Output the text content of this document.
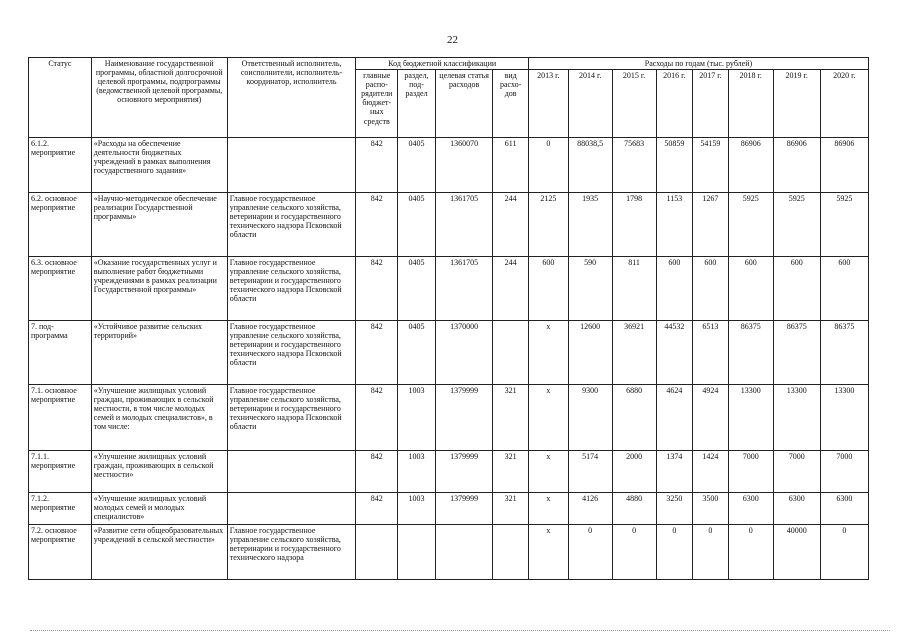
22
Статус	Наименование государственной программы, областной долгосрочной целевой программы, подпрограммы (ведомственной целевой программы, основного мероприятия)	Ответственный исполнитель, соисполнители, исполнитель-координатор, исполнитель	Код бюджетной классификации				Расходы по годам (тыс. рублей)							
			главные распо-рядители бюджет-ных средств	раздел, под-раздел	целевая статья расходов	вид расхо-дов	2013 г.	2014 г.	2015 г.	2016 г.	2017 г.	2018 г.	2019 г.	2020 г.
6.1.2. мероприятие	«Расходы на обеспечение деятельности бюджетных учреждений в рамках выполнения государственного задания»		842	0405	1360070	611	0	88038,5	75683	50859	54159	86906	86906	86906
6.2. основное мероприятие	«Научно-методическое обеспечение реализации Государственной программы»	Главное государственное управление сельского хозяйства, ветеринарии и государственного технического надзора Псковской области	842	0405	1361705	244	2125	1935	1798	1153	1267	5925	5925	5925
6.3. основное мероприятие	«Оказание государственных услуг и выполнение работ бюджетными учреждениями в рамках реализации Государственной программы»	Главное государственное управление сельского хозяйства, ветеринарии и государственного технического надзора Псковской области	842	0405	1361705	244	600	590	811	600	600	600	600	600
7. под-программа	«Устойчивое развитие сельских территорий»	Главное государственное управление сельского хозяйства, ветеринарии и государственного технического надзора Псковской области	842	0405	1370000		х	12600	36921	44532	6513	86375	86375	86375
7.1. основное мероприятие	«Улучшение жилищных условий граждан, проживающих в сельской местности, в том числе молодых семей и молодых специалистов», в том числе:	Главное государственное управление сельского хозяйства, ветеринарии и государственного технического надзора Псковской области	842	1003	1379999	321	х	9300	6880	4624	4924	13300	13300	13300
7.1.1. мероприятие	«Улучшение жилищных условий граждан, проживающих в сельской местности»		842	1003	1379999	321	х	5174	2000	1374	1424	7000	7000	7000
7.1.2. мероприятие	«Улучшение жилищных условий молодых семей и молодых специалистов»		842	1003	1379999	321	х	4126	4880	3250	3500	6300	6300	6300
7.2. основное мероприятие	«Развитие сети общеобразовательных учреждений в сельской местности»	Главное государственное управление сельского хозяйства, ветеринарии и государственного технического надзора					х	0	0	0	0	0	40000	0
